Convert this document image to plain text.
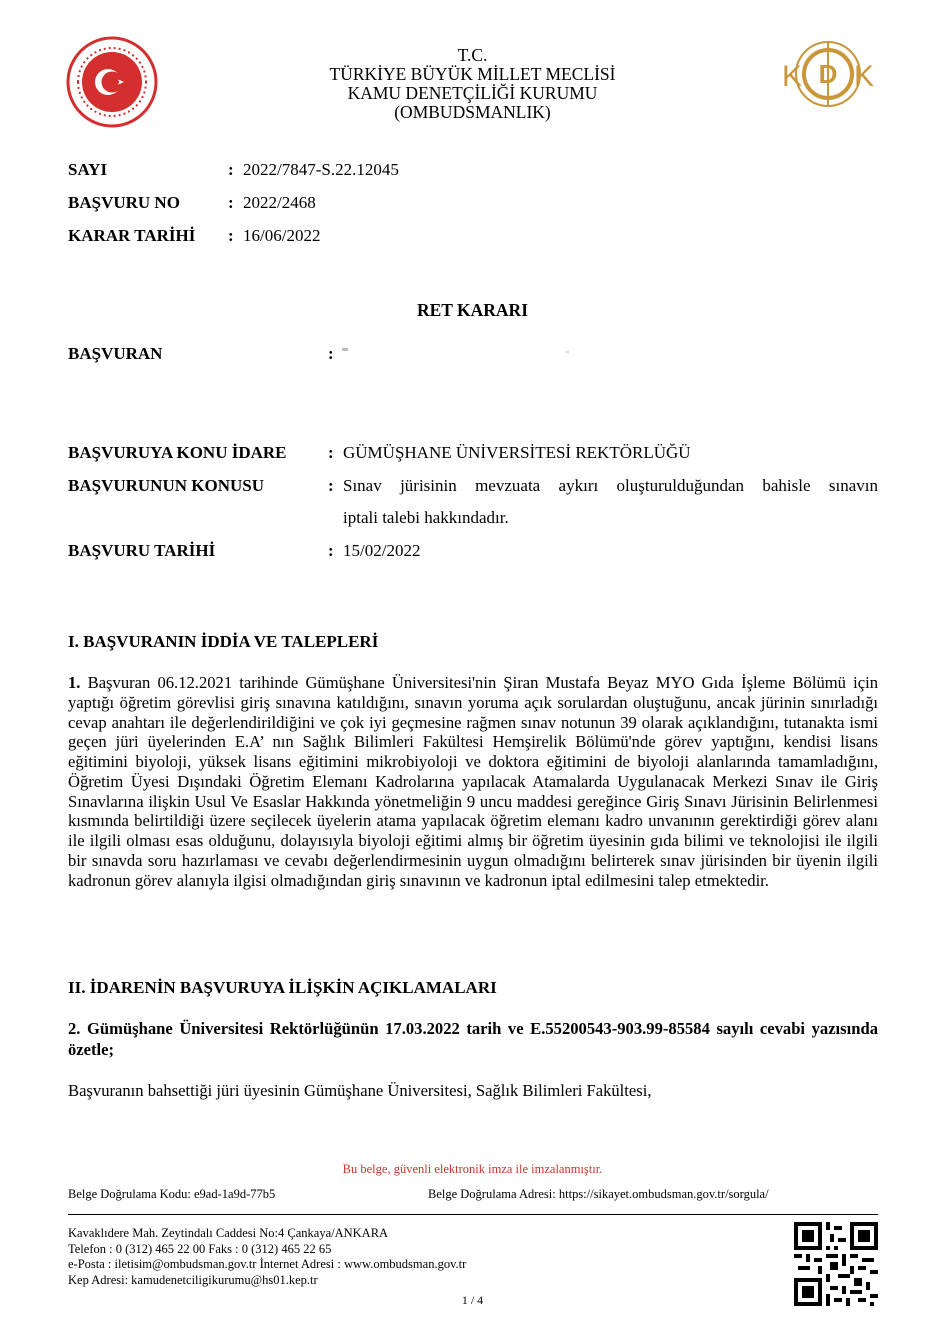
T.C.
TÜRKİYE BÜYÜK MİLLET MECLİSİ
KAMU DENETÇİLİĞİ KURUMU
(OMBUDSMANLIK)
D
K K
SAYI	: 2022/7847-S.22.12045
BAŞVURU NO	: 2022/2468
KARAR TARİHİ : 16/06/2022
RET KARARI
BAŞVURAN	:
BAŞVURUYA KONU İDARE : GÜMÜŞHANE ÜNİVERSİTESİ REKTÖRLÜĞÜ
BAŞVURUNUN KONUSU	: Sınav jürisinin mevzuata aykırı oluşturulduğundan bahisle sınavın
iptali talebi hakkındadır.
BAŞVURU TARİHİ	: 15/02/2022
I. BAŞVURANIN İDDİA VE TALEPLERİ
1. Başvuran 06.12.2021 tarihinde Gümüşhane Üniversitesi'nin Şiran Mustafa Beyaz MYO Gıda İşleme Bölümü için yaptığı öğretim görevlisi giriş sınavına katıldığını, sınavın yoruma açık sorulardan oluştuğunu, ancak jürinin sınırladığı cevap anahtarı ile değerlendirildiğini ve çok iyi geçmesine rağmen sınav notunun 39 olarak açıklandığını, tutanakta ismi geçen jüri üyelerinden E.A’ nın Sağlık Bilimleri Fakültesi Hemşirelik Bölümü'nde görev yaptığını, kendisi lisans eğitimini biyoloji, yüksek lisans eğitimini mikrobiyoloji ve doktora eğitimini de biyoloji alanlarında tamamladığını, Öğretim Üyesi Dışındaki Öğretim Elemanı Kadrolarına yapılacak Atamalarda Uygulanacak Merkezi Sınav ile Giriş Sınavlarına ilişkin Usul Ve Esaslar Hakkında yönetmeliğin 9 uncu maddesi gereğince Giriş Sınavı Jürisinin Belirlenmesi kısmında belirtildiği üzere seçilecek üyelerin atama yapılacak öğretim elemanı kadro unvanının gerektirdiği görev alanı ile ilgili olması esas olduğunu, dolayısıyla biyoloji eğitimi almış bir öğretim üyesinin gıda bilimi ve teknolojisi ile ilgili bir sınavda soru hazırlaması ve cevabı değerlendirmesinin uygun olmadığını belirterek sınav jürisinden bir üyenin ilgili kadronun görev alanıyla ilgisi olmadığından giriş sınavının ve kadronun iptal edilmesini talep etmektedir.
II. İDARENİN BAŞVURUYA İLİŞKİN AÇIKLAMALARI
2. Gümüşhane Üniversitesi Rektörlüğünün 17.03.2022 tarih ve E.55200543-903.99-85584 sayılı cevabi yazısında özetle;
Başvuranın bahsettiği jüri üyesinin Gümüşhane Üniversitesi, Sağlık Bilimleri Fakültesi,
Bu belge, güvenli elektronik imza ile imzalanmıştır.
Belge Doğrulama Kodu: e9ad-1a9d-77b5	Belge Doğrulama Adresi: https://sikayet.ombudsman.gov.tr/sorgula/
Kavaklıdere Mah. Zeytindalı Caddesi No:4 Çankaya/ANKARA
Telefon : 0 (312) 465 22 00 Faks : 0 (312) 465 22 65
e-Posta : iletisim@ombudsman.gov.tr İnternet Adresi : www.ombudsman.gov.tr
Kep Adresi: kamudenetciligikurumu@hs01.kep.tr
1 / 4
